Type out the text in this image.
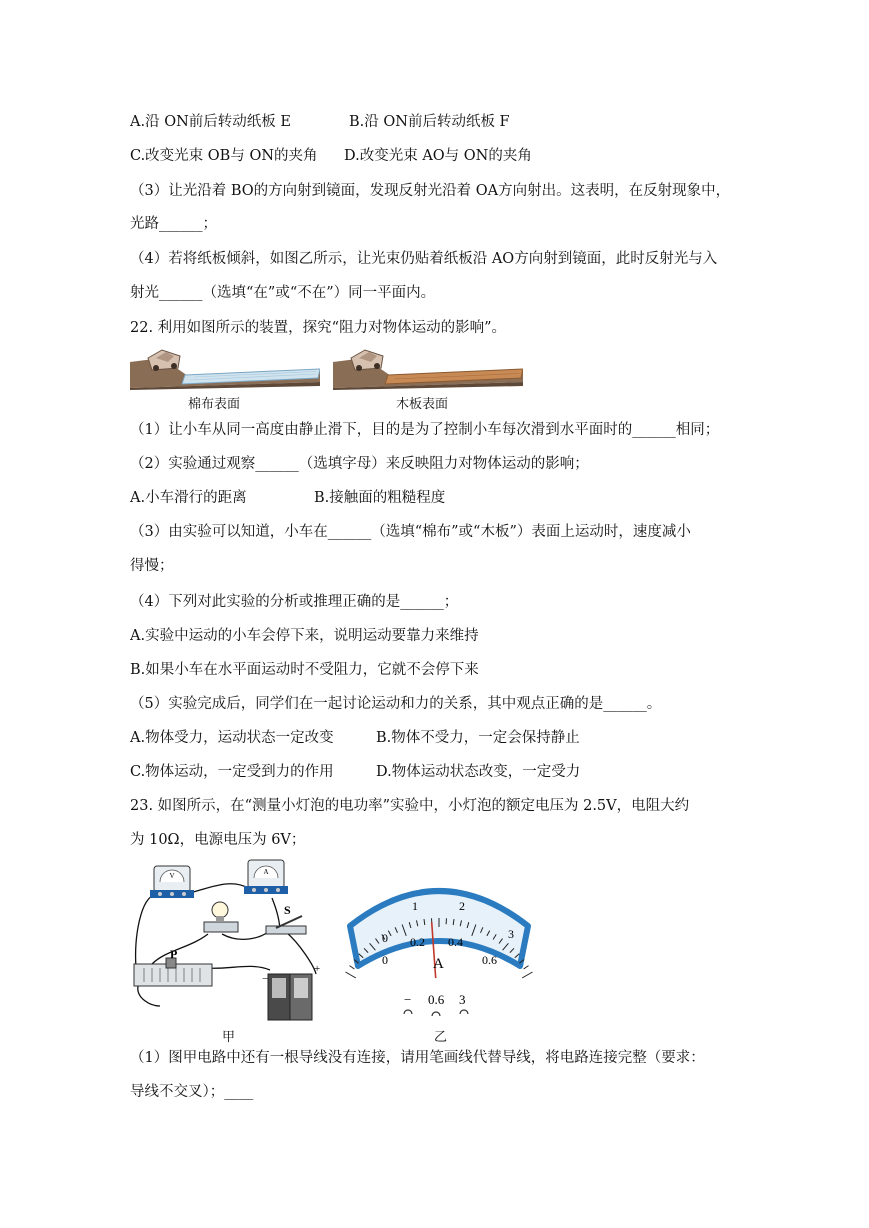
A.沿 ON前后转动纸板 E	B.沿 ON前后转动纸板 F
C.改变光束 OB与 ON的夹角 D.改变光束 AO与 ON的夹角
（3）让光沿着 BO的方向射到镜面，发现反射光沿着 OA方向射出。这表明，在反射现象中，
光路______；
（4）若将纸板倾斜，如图乙所示，让光束仍贴着纸板沿 AO方向射到镜面，此时反射光与入
射光______（选填“在”或“不在”）同一平面内。
22. 利用如图所示的装置，探究“阻力对物体运动的影响”。
棉布表面	木板表面
（1）让小车从同一高度由静止滑下，目的是为了控制小车每次滑到水平面时的______相同；
（2）实验通过观察______（选填字母）来反映阻力对物体运动的影响；
A.小车滑行的距离	B.接触面的粗糙程度
（3）由实验可以知道，小车在______（选填“棉布”或“木板”）表面上运动时，速度减小
得慢；
（4）下列对此实验的分析或推理正确的是______；
A.实验中运动的小车会停下来，说明运动要靠力来维持
B.如果小车在水平面运动时不受阻力，它就不会停下来
（5）实验完成后，同学们在一起讨论运动和力的关系，其中观点正确的是______。
A.物体受力，运动状态一定改变	B.物体不受力，一定会保持静止
C.物体运动，一定受到力的作用	D.物体运动状态改变，一定受力
23. 如图所示，在“测量小灯泡的电功率”实验中，小灯泡的额定电压为 2.5V，电阻大约
为 10Ω，电源电压为 6V；
V	A
S
P
−
+
甲
0
1	2
3
0
0.2 0.4
0.6
A
− 0.6 3
乙
（1）图甲电路中还有一根导线没有连接，请用笔画线代替导线，将电路连接完整（要求：
导线不交叉）；____
